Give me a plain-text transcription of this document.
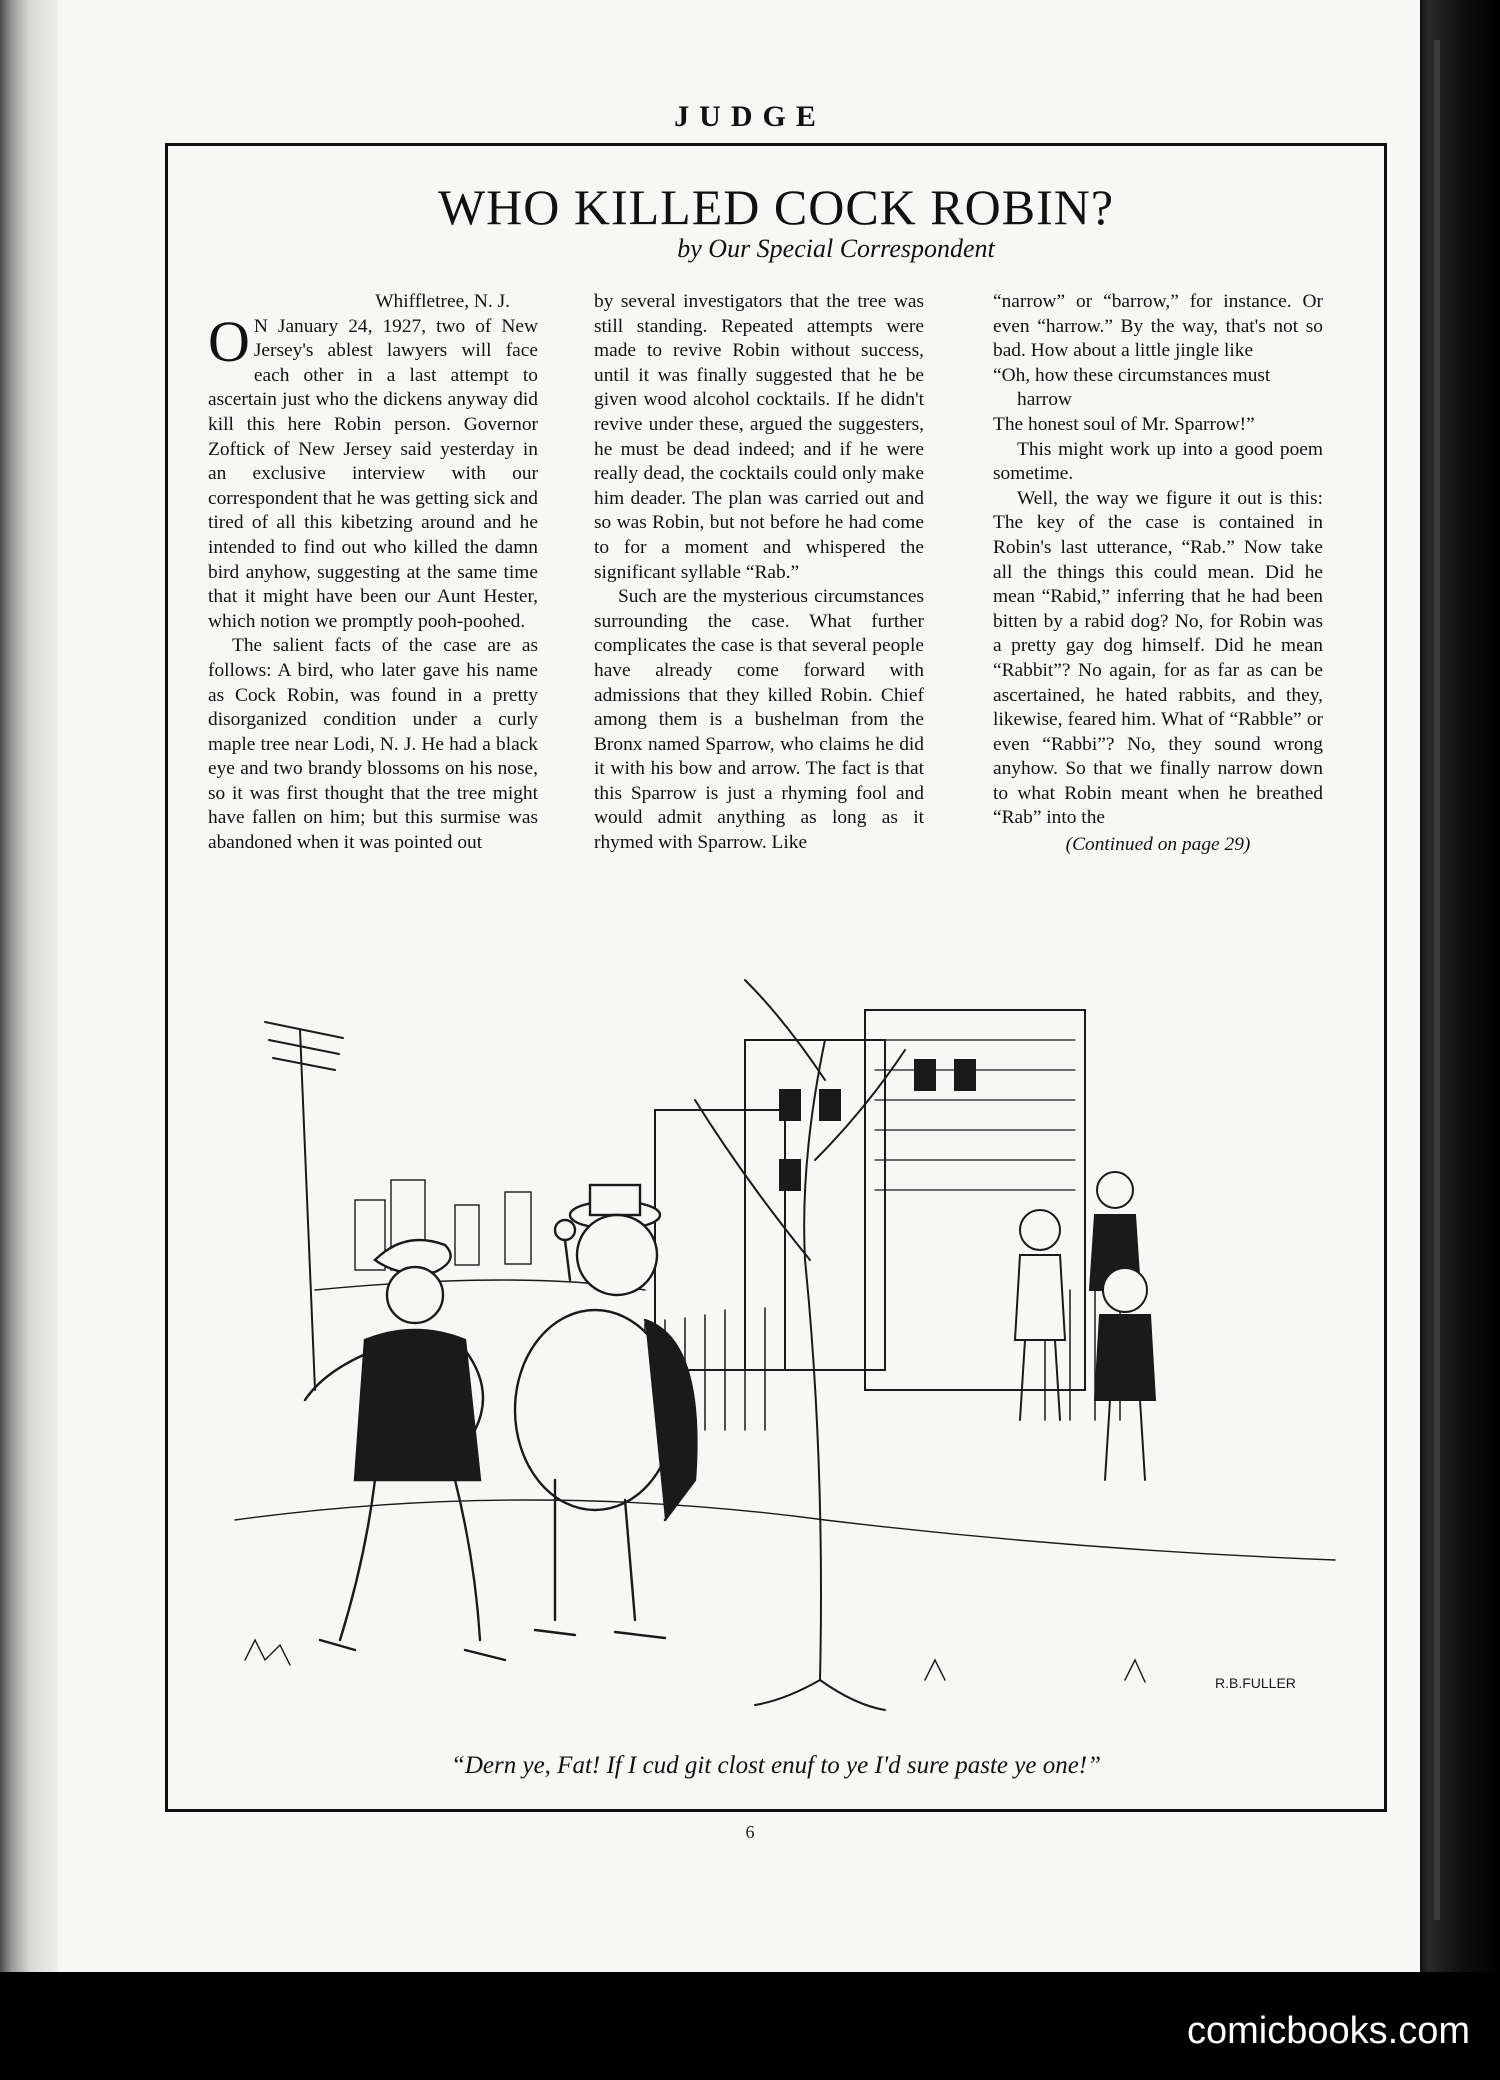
JUDGE
WHO KILLED COCK ROBIN?
by Our Special Correspondent

Whiffletree, N. J.

O N January 24, 1927, two of New Jersey's ablest lawyers will face each other in a last attempt to ascertain just who the dickens anyway did kill this here Robin person. Governor Zoftick of New Jersey said yesterday in an exclusive interview with our correspondent that he was getting sick and tired of all this kibetzing around and he intended to find out who killed the damn bird anyhow, suggesting at the same time that it might have been our Aunt Hester, which notion we promptly pooh-poohed.

The salient facts of the case are as follows: A bird, who later gave his name as Cock Robin, was found in a pretty disorganized condition under a curly maple tree near Lodi, N. J. He had a black eye and two brandy blossoms on his nose, so it was first thought that the tree might have fallen on him; but this surmise was abandoned when it was pointed out

by several investigators that the tree was still standing. Repeated attempts were made to revive Robin without success, until it was finally suggested that he be given wood alcohol cocktails. If he didn't revive under these, argued the suggesters, he must be dead indeed; and if he were really dead, the cocktails could only make him deader. The plan was carried out and so was Robin, but not before he had come to for a moment and whispered the significant syllable “Rab.”

Such are the mysterious circumstances surrounding the case. What further complicates the case is that several people have already come forward with admissions that they killed Robin. Chief among them is a bushelman from the Bronx named Sparrow, who claims he did it with his bow and arrow. The fact is that this Sparrow is just a rhyming fool and would admit anything as long as it rhymed with Sparrow. Like

“narrow” or “barrow,” for instance. Or even “harrow.” By the way, that's not so bad. How about a little jingle like

“Oh, how these circumstances must

harrow

The honest soul of Mr. Sparrow!”

This might work up into a good poem sometime.

Well, the way we figure it out is this: The key of the case is contained in Robin's last utterance, “Rab.” Now take all the things this could mean. Did he mean “Rabid,” inferring that he had been bitten by a rabid dog? No, for Robin was a pretty gay dog himself. Did he mean “Rabbit”? No again, for as far as can be ascertained, he hated rabbits, and they, likewise, feared him. What of “Rabble” or even “Rabbi”? No, they sound wrong anyhow. So that we finally narrow down to what Robin meant when he breathed “Rab” into the

(Continued on page 29)

R.B.FULLER
“Dern ye, Fat! If I cud git clost enuf to ye I'd sure paste ye one!”
6
comicbooks.com
